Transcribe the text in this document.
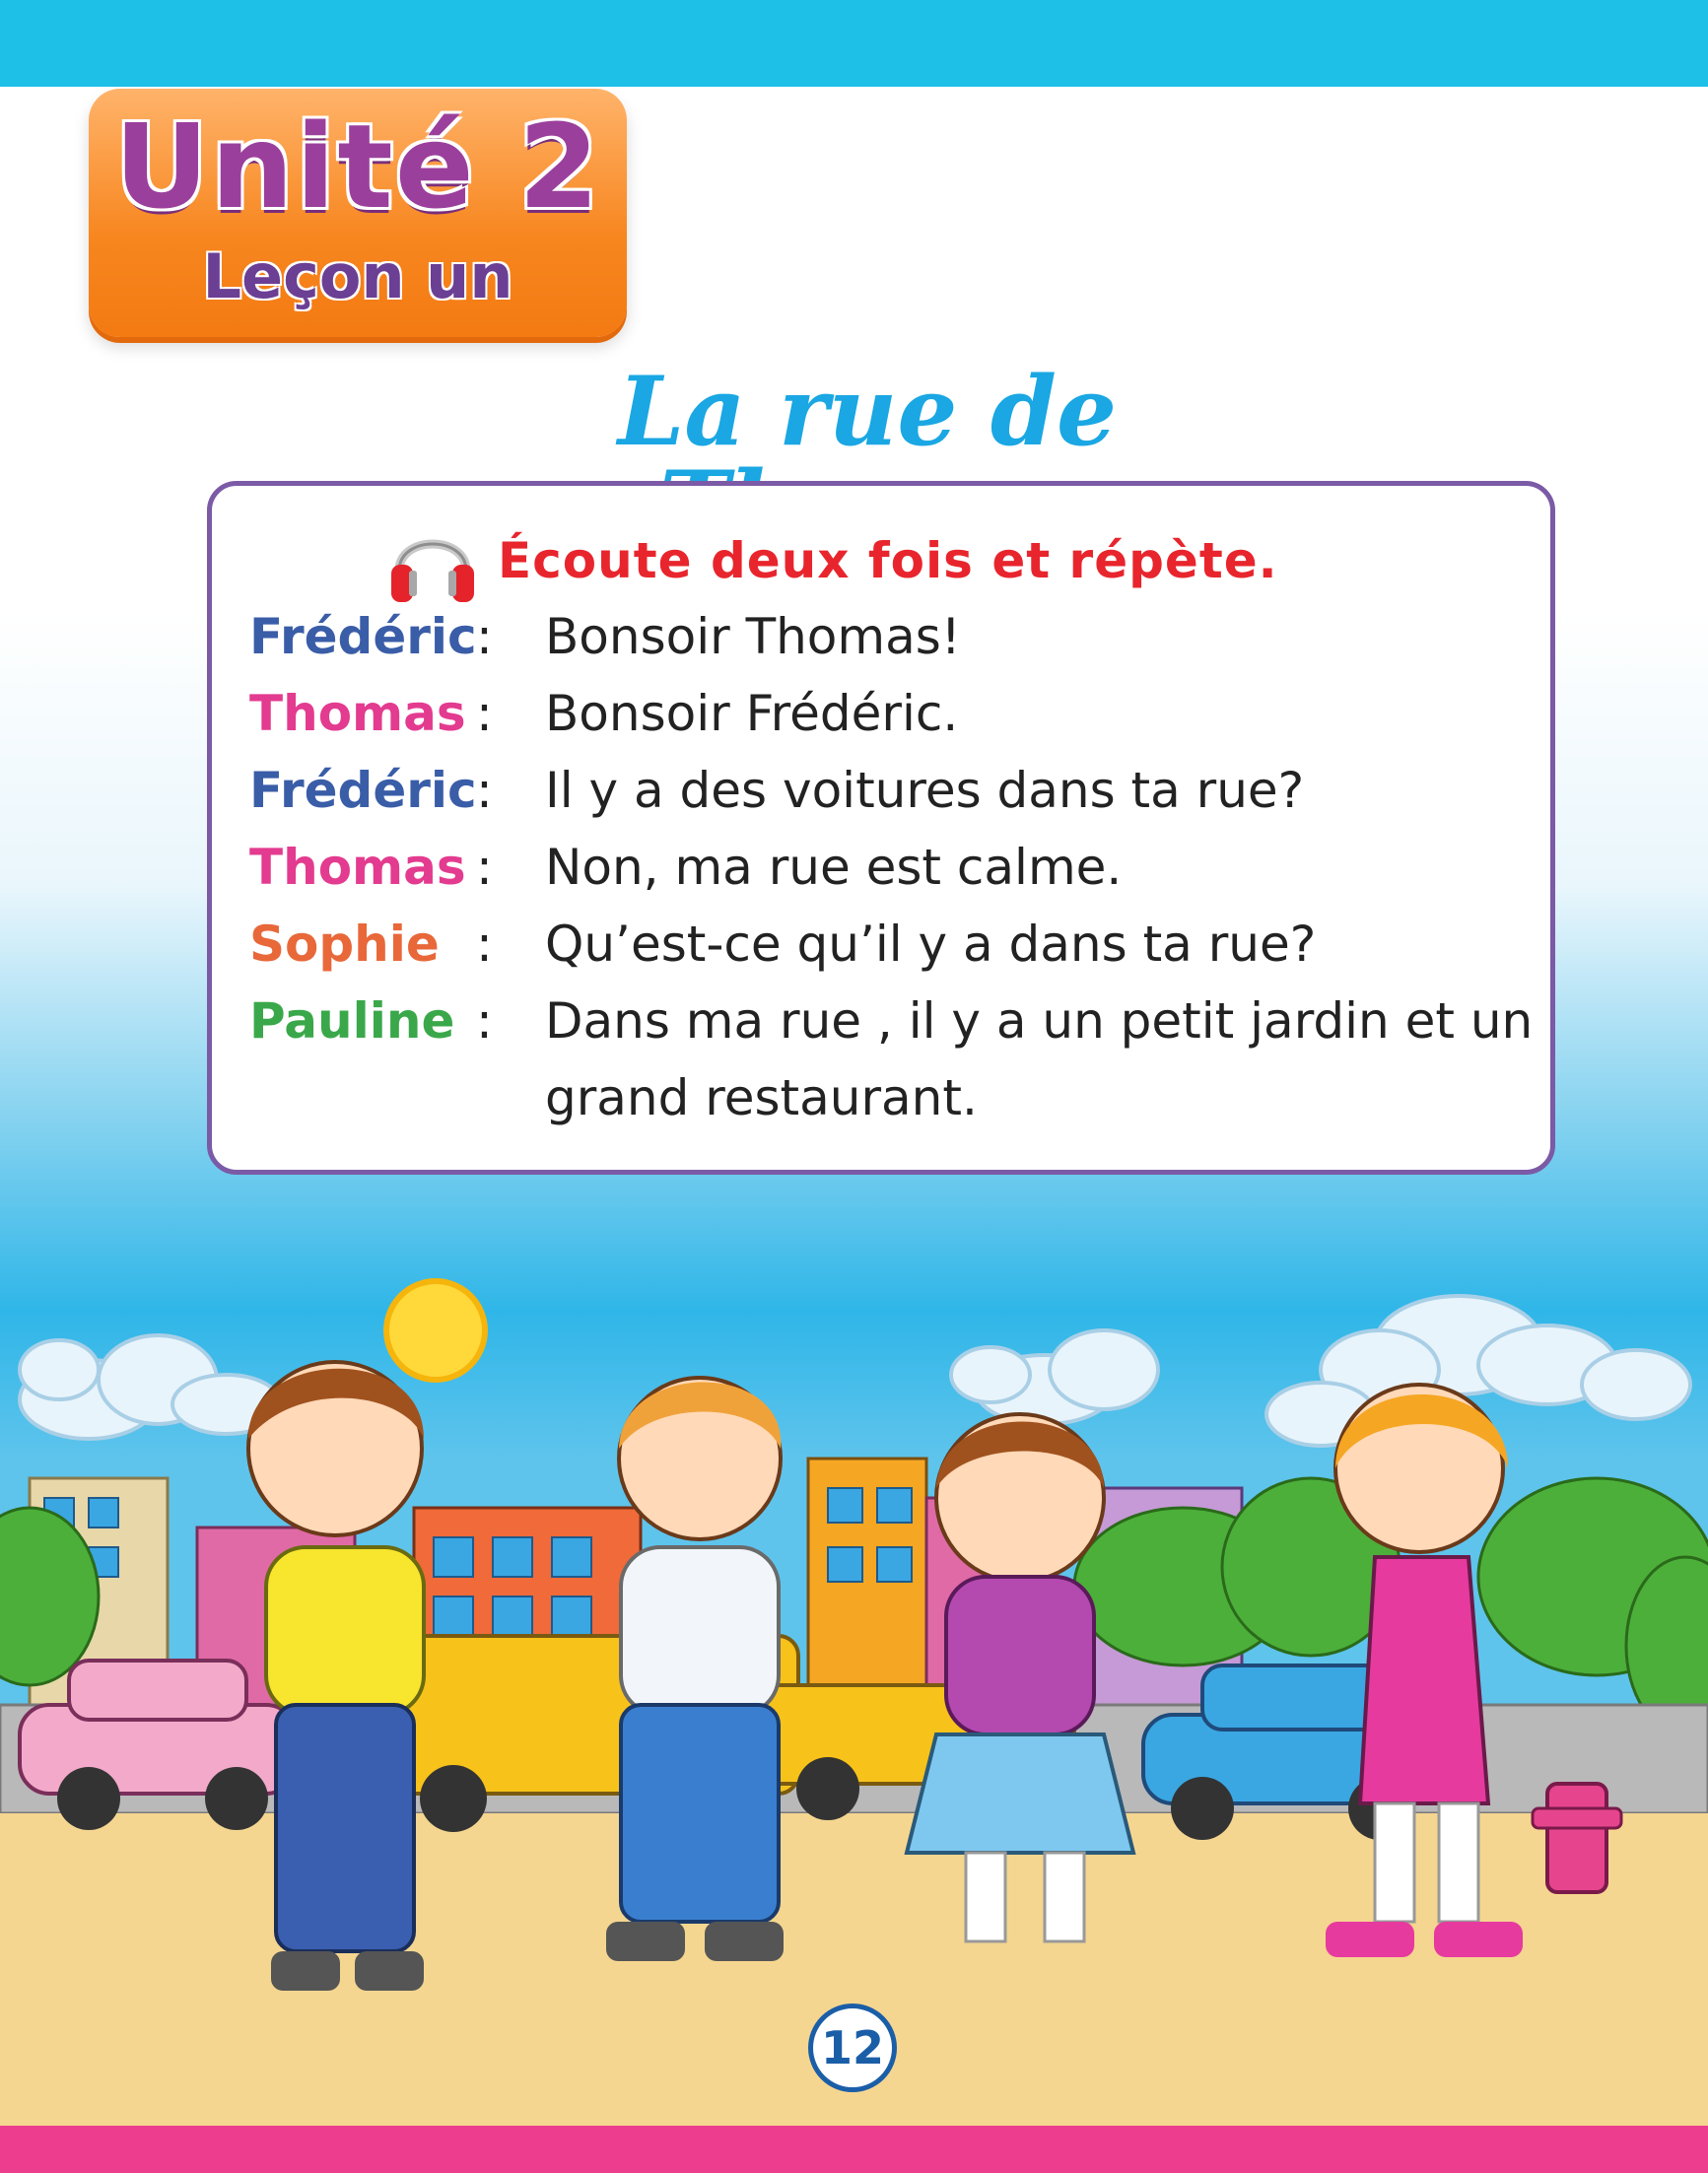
Unité 2
Leçon un
La rue de
Écoute deux fois et répète.
Frédéric : Bonsoir Thomas!
Thomas : Bonsoir Frédéric.
Frédéric : Il y a des voitures dans ta rue?
Thomas : Non, ma rue est calme.
Sophie : Qu’est-ce qu’il y a dans ta rue?
Pauline : Dans ma rue , il y a un petit jardin et un
grand restaurant.
12
